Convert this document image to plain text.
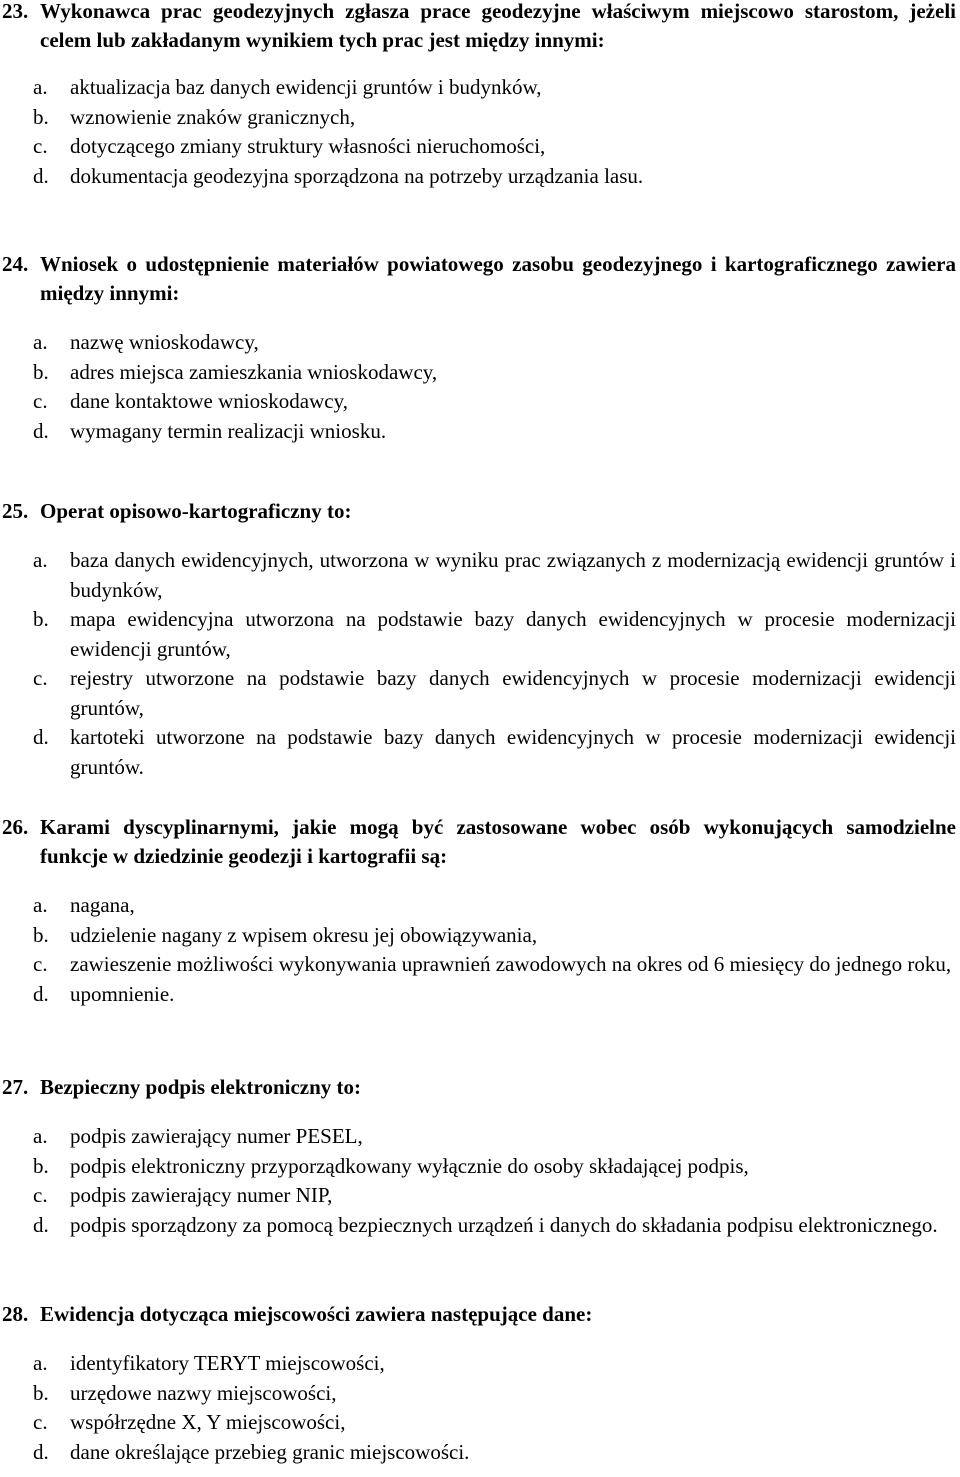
23. Wykonawca prac geodezyjnych zgłasza prace geodezyjne właściwym miejscowo starostom, jeżeli celem lub zakładanym wynikiem tych prac jest między innymi:
a. aktualizacja baz danych ewidencji gruntów i budynków,
b. wznowienie znaków granicznych,
c. dotyczącego zmiany struktury własności nieruchomości,
d. dokumentacja geodezyjna sporządzona na potrzeby urządzania lasu.
24. Wniosek o udostępnienie materiałów powiatowego zasobu geodezyjnego i kartograficznego zawiera między innymi:
a. nazwę wnioskodawcy,
b. adres miejsca zamieszkania wnioskodawcy,
c. dane kontaktowe wnioskodawcy,
d. wymagany termin realizacji wniosku.
25. Operat opisowo-kartograficzny to:
a. baza danych ewidencyjnych, utworzona w wyniku prac związanych z modernizacją ewidencji gruntów i budynków,
b. mapa ewidencyjna utworzona na podstawie bazy danych ewidencyjnych w procesie modernizacji ewidencji gruntów,
c. rejestry utworzone na podstawie bazy danych ewidencyjnych w procesie modernizacji ewidencji gruntów,
d. kartoteki utworzone na podstawie bazy danych ewidencyjnych w procesie modernizacji ewidencji gruntów.
26. Karami dyscyplinarnymi, jakie mogą być zastosowane wobec osób wykonujących samodzielne funkcje w dziedzinie geodezji i kartografii są:
a. nagana,
b. udzielenie nagany z wpisem okresu jej obowiązywania,
c. zawieszenie możliwości wykonywania uprawnień zawodowych na okres od 6 miesięcy do jednego roku,
d. upomnienie.
27. Bezpieczny podpis elektroniczny to:
a. podpis zawierający numer PESEL,
b. podpis elektroniczny przyporządkowany wyłącznie do osoby składającej podpis,
c. podpis zawierający numer NIP,
d. podpis sporządzony za pomocą bezpiecznych urządzeń i danych do składania podpisu elektronicznego.
28. Ewidencja dotycząca miejscowości zawiera następujące dane:
a. identyfikatory TERYT miejscowości,
b. urzędowe nazwy miejscowości,
c. współrzędne X, Y miejscowości,
d. dane określające przebieg granic miejscowości.
